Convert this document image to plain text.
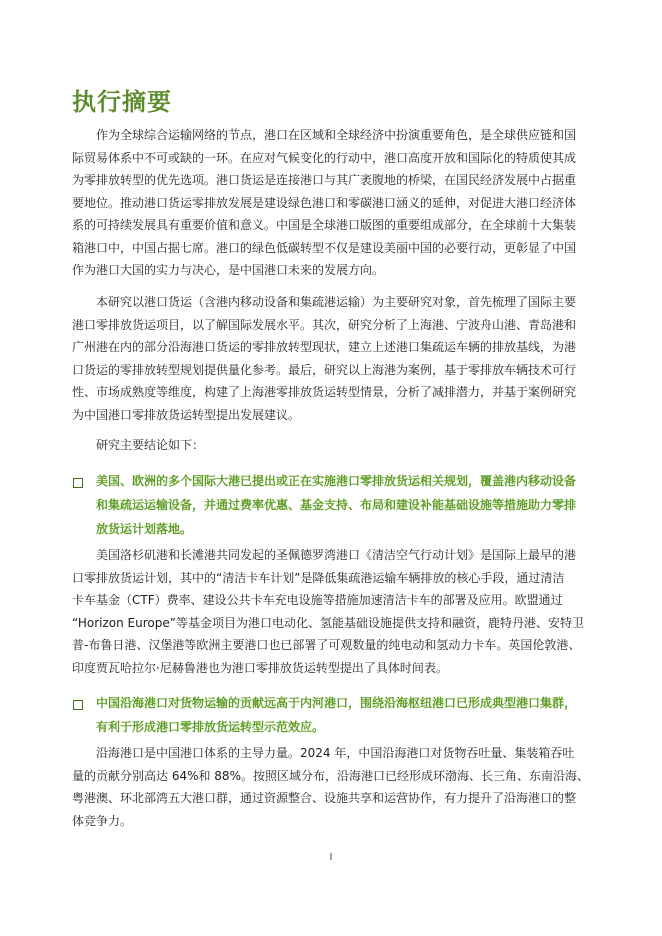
执行摘要
作为全球综合运输网络的节点，港口在区域和全球经济中扮演重要角色，是全球供应链和国
际贸易体系中不可或缺的一环。在应对气候变化的行动中，港口高度开放和国际化的特质使其成
为零排放转型的优先选项。港口货运是连接港口与其广袤腹地的桥梁，在国民经济发展中占据重
要地位。推动港口货运零排放发展是建设绿色港口和零碳港口涵义的延伸，对促进大港口经济体
系的可持续发展具有重要价值和意义。中国是全球港口版图的重要组成部分，在全球前十大集装
箱港口中，中国占据七席。港口的绿色低碳转型不仅是建设美丽中国的必要行动，更彰显了中国
作为港口大国的实力与决心，是中国港口未来的发展方向。
本研究以港口货运（含港内移动设备和集疏港运输）为主要研究对象，首先梳理了国际主要
港口零排放货运项目，以了解国际发展水平。其次，研究分析了上海港、宁波舟山港、青岛港和
广州港在内的部分沿海港口货运的零排放转型现状，建立上述港口集疏运车辆的排放基线，为港
口货运的零排放转型规划提供量化参考。最后，研究以上海港为案例，基于零排放车辆技术可行
性、市场成熟度等维度，构建了上海港零排放货运转型情景，分析了减排潜力，并基于案例研究
为中国港口零排放货运转型提出发展建议。
研究主要结论如下：
美国、欧洲的多个国际大港已提出或正在实施港口零排放货运相关规划，覆盖港内移动设备
和集疏运运输设备，并通过费率优惠、基金支持、布局和建设补能基础设施等措施助力零排
放货运计划落地。
美国洛杉矶港和长滩港共同发起的圣佩德罗湾港口《清洁空气行动计划》是国际上最早的港
口零排放货运计划，其中的“清洁卡车计划”是降低集疏港运输车辆排放的核心手段，通过清洁
卡车基金（CTF）费率、建设公共卡车充电设施等措施加速清洁卡车的部署及应用。欧盟通过
“Horizon Europe”等基金项目为港口电动化、氢能基础设施提供支持和融资，鹿特丹港、安特卫
普-布鲁日港、汉堡港等欧洲主要港口也已部署了可观数量的纯电动和氢动力卡车。英国伦敦港、
印度贾瓦哈拉尔·尼赫鲁港也为港口零排放货运转型提出了具体时间表。
中国沿海港口对货物运输的贡献远高于内河港口，围绕沿海枢纽港口已形成典型港口集群，
有利于形成港口零排放货运转型示范效应。
沿海港口是中国港口体系的主导力量。2024 年，中国沿海港口对货物吞吐量、集装箱吞吐
量的贡献分别高达 64%和 88%。按照区域分布，沿海港口已经形成环渤海、长三角、东南沿海、
粤港澳、环北部湾五大港口群，通过资源整合、设施共享和运营协作，有力提升了沿海港口的整
体竞争力。
I
